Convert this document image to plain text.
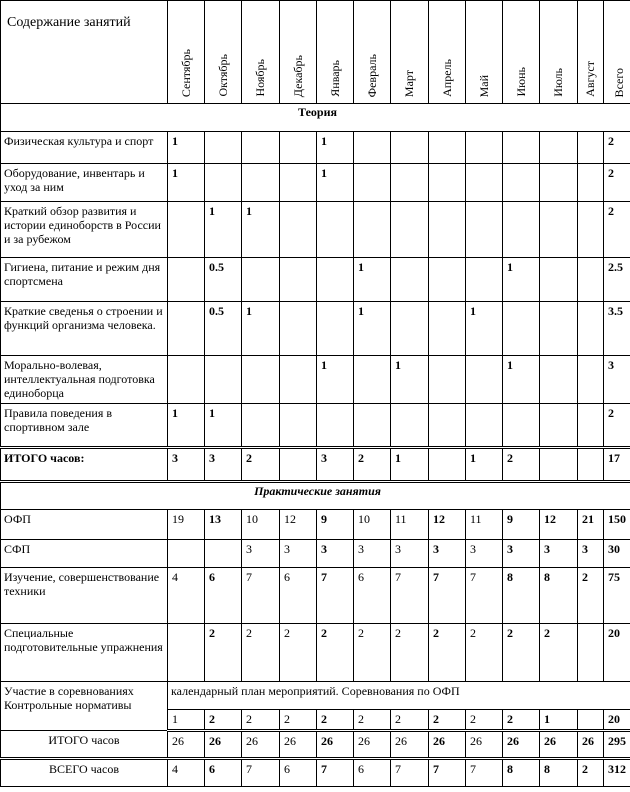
Содержание занятий	Сентябрь	Октябрь	Ноябрь	Декабрь	Январь	Февраль	Март	Апрель	Май	Июнь	Июль	Август	Всего
Теория													
Физическая культура и спорт	1				1								2
Оборудование, инвентарь и уход за ним	1				1								2
Краткий обзор развития и истории единоборств в России и за рубежом		1	1										2
Гигиена, питание и режим дня спортсмена		0.5				1				1			2.5
Краткие сведенья о строении и функций организма человека.		0.5	1			1			1				3.5
Морально-волевая, интеллектуальная подготовка единоборца					1		1			1			3
Правила поведения в спортивном зале	1	1											2
ИТОГО часов:	3	3	2		3	2	1		1	2			17
Практические занятия													
ОФП	19	13	10	12	9	10	11	12	11	9	12	21	150
СФП			3	3	3	3	3	3	3	3	3	3	30
Изучение, совершенствование техники	4	6	7	6	7	6	7	7	7	8	8	2	75
Специальные подготовительные упражнения		2	2	2	2	2	2	2	2	2	2		20
Участие в соревнованиях Контрольные нормативы	календарный план мероприятий. Соревнования по ОФП												
	1	2	2	2	2	2	2	2	2	2	1		20
ИТОГО часов	26	26	26	26	26	26	26	26	26	26	26	26	295
ВСЕГО часов	4	6	7	6	7	6	7	7	7	8	8	2	312
